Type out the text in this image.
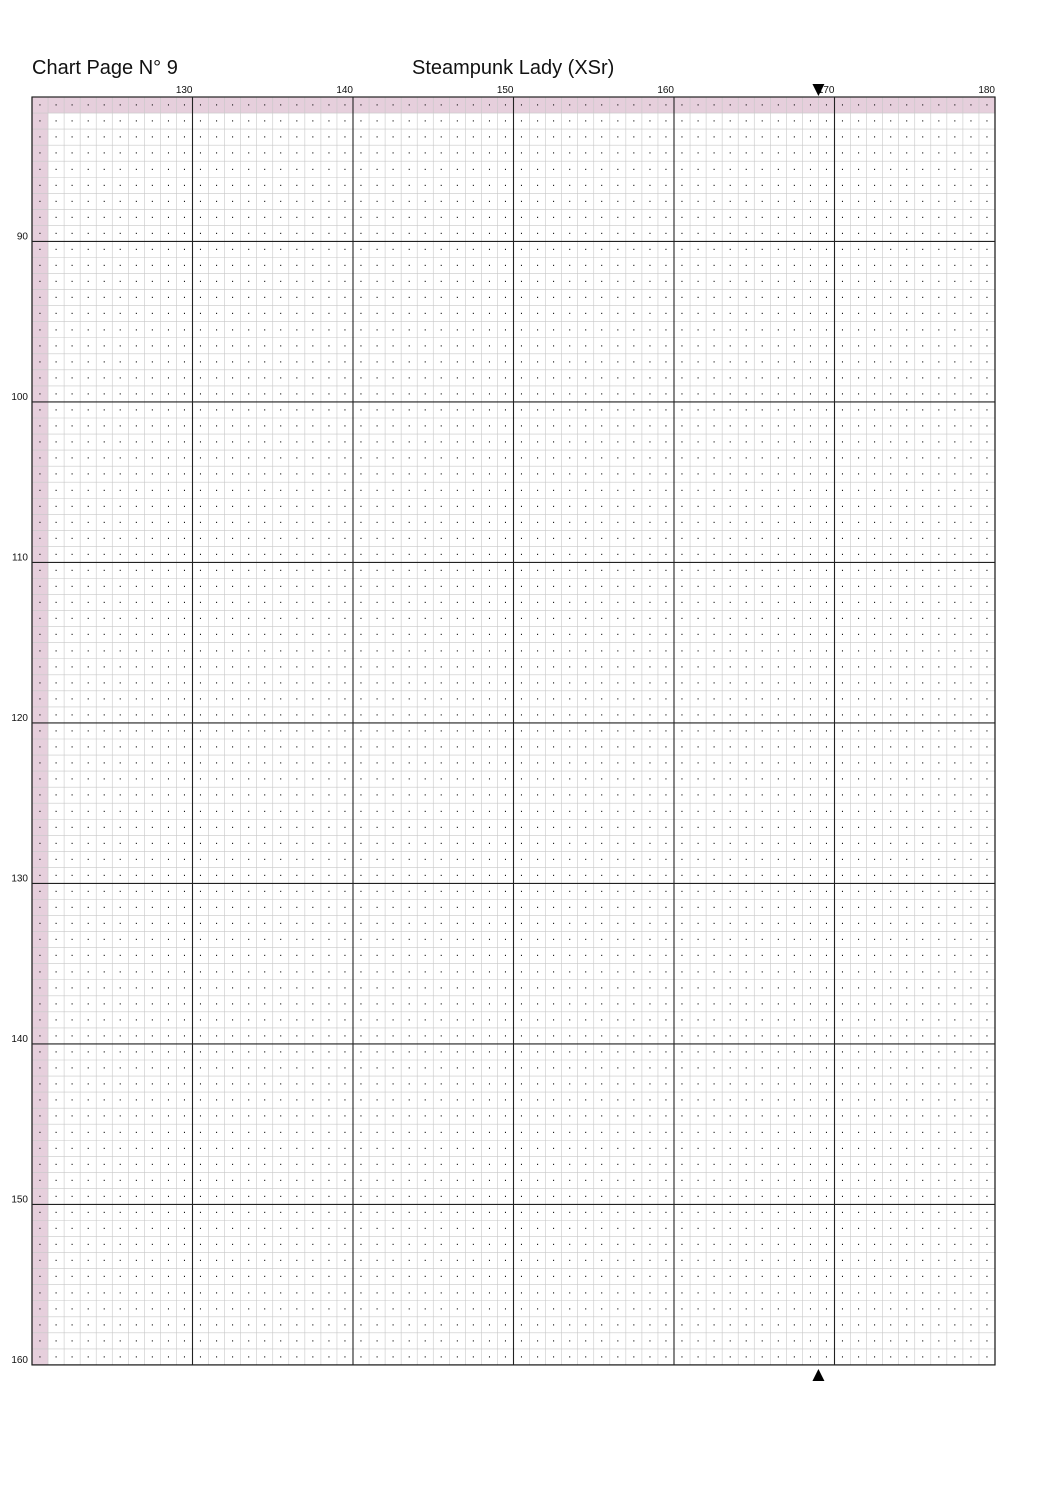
Chart Page N° 9	Steampunk Lady (XSr)
130	140	150	160	170	180
90
100
110
120
130
140
150
160
· · · · · · · · · · · · · · · · · · · · · · · · · · · · · · · · · · · · · · · · · · · · · · · · · · · · · · · · · · · ·
· · · · · · · · · · · · · · · · · · · · · · · · · · · · · · · · · · · · · · · · · · · · · · · · · · · · · · · · · · · ·
· · · · · · · · · · · · · · · · · · · · · · · · · · · · · · · · · · · · · · · · · · · · · · · · · · · · · · · · · · · ·
· · · · · · · · · · · · · · · · · · · · · · · · · · · · · · · · · · · · · · · · · · · · · · · · · · · · · · · · · · · ·
· · · · · · · · · · · · · · · · · · · · · · · · · · · · · · · · · · · · · · · · · · · · · · · · · · · · · · · · · · · ·
· · · · · · · · · · · · · · · · · · · · · · · · · · · · · · · · · · · · · · · · · · · · · · · · · · · · · · · · · · · ·
· · · · · · · · · · · · · · · · · · · · · · · · · · · · · · · · · · · · · · · · · · · · · · · · · · · · · · · · · · · ·
· · · · · · · · · · · · · · · · · · · · · · · · · · · · · · · · · · · · · · · · · · · · · · · · · · · · · · · · · · · ·
· · · · · · · · · · · · · · · · · · · · · · · · · · · · · · · · · · · · · · · · · · · · · · · · · · · · · · · · · · · ·
· · · · · · · · · · · · · · · · · · · · · · · · · · · · · · · · · · · · · · · · · · · · · · · · · · · · · · · · · · · ·
· · · · · · · · · · · · · · · · · · · · · · · · · · · · · · · · · · · · · · · · · · · · · · · · · · · · · · · · · · · ·
· · · · · · · · · · · · · · · · · · · · · · · · · · · · · · · · · · · · · · · · · · · · · · · · · · · · · · · · · · · ·
· · · · · · · · · · · · · · · · · · · · · · · · · · · · · · · · · · · · · · · · · · · · · · · · · · · · · · · · · · · ·
· · · · · · · · · · · · · · · · · · · · · · · · · · · · · · · · · · · · · · · · · · · · · · · · · · · · · · · · · · · ·
· · · · · · · · · · · · · · · · · · · · · · · · · · · · · · · · · · · · · · · · · · · · · · · · · · · · · · · · · · · ·
· · · · · · · · · · · · · · · · · · · · · · · · · · · · · · · · · · · · · · · · · · · · · · · · · · · · · · · · · · · ·
· · · · · · · · · · · · · · · · · · · · · · · · · · · · · · · · · · · · · · · · · · · · · · · · · · · · · · · · · · · ·
· · · · · · · · · · · · · · · · · · · · · · · · · · · · · · · · · · · · · · · · · · · · · · · · · · · · · · · · · · · ·
· · · · · · · · · · · · · · · · · · · · · · · · · · · · · · · · · · · · · · · · · · · · · · · · · · · · · · · · · · · ·
· · · · · · · · · · · · · · · · · · · · · · · · · · · · · · · · · · · · · · · · · · · · · · · · · · · · · · · · · · · ·
· · · · · · · · · · · · · · · · · · · · · · · · · · · · · · · · · · · · · · · · · · · · · · · · · · · · · · · · · · · ·
· · · · · · · · · · · · · · · · · · · · · · · · · · · · · · · · · · · · · · · · · · · · · · · · · · · · · · · · · · · ·
· · · · · · · · · · · · · · · · · · · · · · · · · · · · · · · · · · · · · · · · · · · · · · · · · · · · · · · · · · · ·
· · · · · · · · · · · · · · · · · · · · · · · · · · · · · · · · · · · · · · · · · · · · · · · · · · · · · · · · · · · ·
· · · · · · · · · · · · · · · · · · · · · · · · · · · · · · · · · · · · · · · · · · · · · · · · · · · · · · · · · · · ·
· · · · · · · · · · · · · · · · · · · · · · · · · · · · · · · · · · · · · · · · · · · · · · · · · · · · · · · · · · · ·
· · · · · · · · · · · · · · · · · · · · · · · · · · · · · · · · · · · · · · · · · · · · · · · · · · · · · · · · · · · ·
· · · · · · · · · · · · · · · · · · · · · · · · · · · · · · · · · · · · · · · · · · · · · · · · · · · · · · · · · · · ·
· · · · · · · · · · · · · · · · · · · · · · · · · · · · · · · · · · · · · · · · · · · · · · · · · · · · · · · · · · · ·
· · · · · · · · · · · · · · · · · · · · · · · · · · · · · · · · · · · · · · · · · · · · · · · · · · · · · · · · · · · ·
· · · · · · · · · · · · · · · · · · · · · · · · · · · · · · · · · · · · · · · · · · · · · · · · · · · · · · · · · · · ·
· · · · · · · · · · · · · · · · · · · · · · · · · · · · · · · · · · · · · · · · · · · · · · · · · · · · · · · · · · · ·
· · · · · · · · · · · · · · · · · · · · · · · · · · · · · · · · · · · · · · · · · · · · · · · · · · · · · · · · · · · ·
· · · · · · · · · · · · · · · · · · · · · · · · · · · · · · · · · · · · · · · · · · · · · · · · · · · · · · · · · · · ·
· · · · · · · · · · · · · · · · · · · · · · · · · · · · · · · · · · · · · · · · · · · · · · · · · · · · · · · · · · · ·
· · · · · · · · · · · · · · · · · · · · · · · · · · · · · · · · · · · · · · · · · · · · · · · · · · · · · · · · · · · ·
· · · · · · · · · · · · · · · · · · · · · · · · · · · · · · · · · · · · · · · · · · · · · · · · · · · · · · · · · · · ·
· · · · · · · · · · · · · · · · · · · · · · · · · · · · · · · · · · · · · · · · · · · · · · · · · · · · · · · · · · · ·
· · · · · · · · · · · · · · · · · · · · · · · · · · · · · · · · · · · · · · · · · · · · · · · · · · · · · · · · · · · ·
· · · · · · · · · · · · · · · · · · · · · · · · · · · · · · · · · · · · · · · · · · · · · · · · · · · · · · · · · · · ·
· · · · · · · · · · · · · · · · · · · · · · · · · · · · · · · · · · · · · · · · · · · · · · · · · · · · · · · · · · · ·
· · · · · · · · · · · · · · · · · · · · · · · · · · · · · · · · · · · · · · · · · · · · · · · · · · · · · · · · · · · ·
· · · · · · · · · · · · · · · · · · · · · · · · · · · · · · · · · · · · · · · · · · · · · · · · · · · · · · · · · · · ·
· · · · · · · · · · · · · · · · · · · · · · · · · · · · · · · · · · · · · · · · · · · · · · · · · · · · · · · · · · · ·
· · · · · · · · · · · · · · · · · · · · · · · · · · · · · · · · · · · · · · · · · · · · · · · · · · · · · · · · · · · ·
· · · · · · · · · · · · · · · · · · · · · · · · · · · · · · · · · · · · · · · · · · · · · · · · · · · · · · · · · · · ·
· · · · · · · · · · · · · · · · · · · · · · · · · · · · · · · · · · · · · · · · · · · · · · · · · · · · · · · · · · · ·
· · · · · · · · · · · · · · · · · · · · · · · · · · · · · · · · · · · · · · · · · · · · · · · · · · · · · · · · · · · ·
· · · · · · · · · · · · · · · · · · · · · · · · · · · · · · · · · · · · · · · · · · · · · · · · · · · · · · · · · · · ·
· · · · · · · · · · · · · · · · · · · · · · · · · · · · · · · · · · · · · · · · · · · · · · · · · · · · · · · · · · · ·
· · · · · · · · · · · · · · · · · · · · · · · · · · · · · · · · · · · · · · · · · · · · · · · · · · · · · · · · · · · ·
· · · · · · · · · · · · · · · · · · · · · · · · · · · · · · · · · · · · · · · · · · · · · · · · · · · · · · · · · · · ·
· · · · · · · · · · · · · · · · · · · · · · · · · · · · · · · · · · · · · · · · · · · · · · · · · · · · · · · · · · · ·
· · · · · · · · · · · · · · · · · · · · · · · · · · · · · · · · · · · · · · · · · · · · · · · · · · · · · · · · · · · ·
· · · · · · · · · · · · · · · · · · · · · · · · · · · · · · · · · · · · · · · · · · · · · · · · · · · · · · · · · · · ·
· · · · · · · · · · · · · · · · · · · · · · · · · · · · · · · · · · · · · · · · · · · · · · · · · · · · · · · · · · · ·
· · · · · · · · · · · · · · · · · · · · · · · · · · · · · · · · · · · · · · · · · · · · · · · · · · · · · · · · · · · ·
· · · · · · · · · · · · · · · · · · · · · · · · · · · · · · · · · · · · · · · · · · · · · · · · · · · · · · · · · · · ·
· · · · · · · · · · · · · · · · · · · · · · · · · · · · · · · · · · · · · · · · · · · · · · · · · · · · · · · · · · · ·
· · · · · · · · · · · · · · · · · · · · · · · · · · · · · · · · · · · · · · · · · · · · · · · · · · · · · · · · · · · ·
· · · · · · · · · · · · · · · · · · · · · · · · · · · · · · · · · · · · · · · · · · · · · · · · · · · · · · · · · · · ·
· · · · · · · · · · · · · · · · · · · · · · · · · · · · · · · · · · · · · · · · · · · · · · · · · · · · · · · · · · · ·
· · · · · · · · · · · · · · · · · · · · · · · · · · · · · · · · · · · · · · · · · · · · · · · · · · · · · · · · · · · ·
· · · · · · · · · · · · · · · · · · · · · · · · · · · · · · · · · · · · · · · · · · · · · · · · · · · · · · · · · · · ·
· · · · · · · · · · · · · · · · · · · · · · · · · · · · · · · · · · · · · · · · · · · · · · · · · · · · · · · · · · · ·
· · · · · · · · · · · · · · · · · · · · · · · · · · · · · · · · · · · · · · · · · · · · · · · · · · · · · · · · · · · ·
· · · · · · · · · · · · · · · · · · · · · · · · · · · · · · · · · · · · · · · · · · · · · · · · · · · · · · · · · · · ·
· · · · · · · · · · · · · · · · · · · · · · · · · · · · · · · · · · · · · · · · · · · · · · · · · · · · · · · · · · · ·
· · · · · · · · · · · · · · · · · · · · · · · · · · · · · · · · · · · · · · · · · · · · · · · · · · · · · · · · · · · ·
· · · · · · · · · · · · · · · · · · · · · · · · · · · · · · · · · · · · · · · · · · · · · · · · · · · · · · · · · · · ·
· · · · · · · · · · · · · · · · · · · · · · · · · · · · · · · · · · · · · · · · · · · · · · · · · · · · · · · · · · · ·
· · · · · · · · · · · · · · · · · · · · · · · · · · · · · · · · · · · · · · · · · · · · · · · · · · · · · · · · · · · ·
· · · · · · · · · · · · · · · · · · · · · · · · · · · · · · · · · · · · · · · · · · · · · · · · · · · · · · · · · · · ·
· · · · · · · · · · · · · · · · · · · · · · · · · · · · · · · · · · · · · · · · · · · · · · · · · · · · · · · · · · · ·
· · · · · · · · · · · · · · · · · · · · · · · · · · · · · · · · · · · · · · · · · · · · · · · · · · · · · · · · · · · ·
· · · · · · · · · · · · · · · · · · · · · · · · · · · · · · · · · · · · · · · · · · · · · · · · · · · · · · · · · · · ·
· · · · · · · · · · · · · · · · · · · · · · · · · · · · · · · · · · · · · · · · · · · · · · · · · · · · · · · · · · · ·
· · · · · · · · · · · · · · · · · · · · · · · · · · · · · · · · · · · · · · · · · · · · · · · · · · · · · · · · · · · ·
· · · · · · · · · · · · · · · · · · · · · · · · · · · · · · · · · · · · · · · · · · · · · · · · · · · · · · · · · · · ·
